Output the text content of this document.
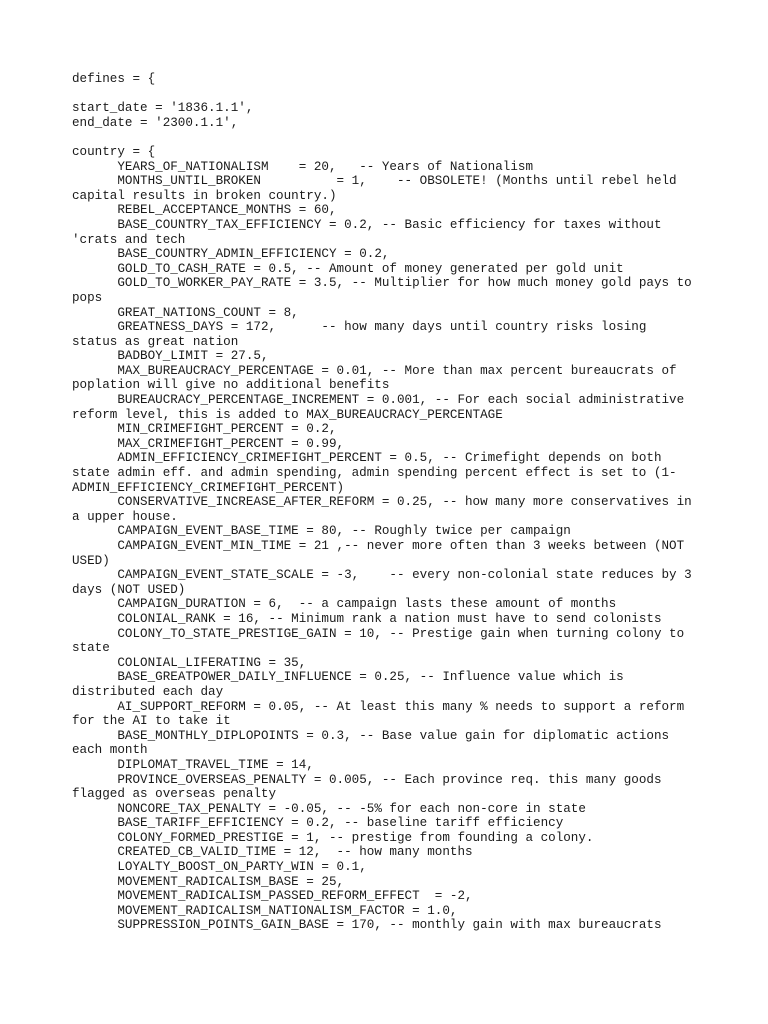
defines = {
start_date = '1836.1.1',
end_date = '2300.1.1',
country = {
	YEARS_OF_NATIONALISM    = 20,   -- Years of Nationalism
	MONTHS_UNTIL_BROKEN          = 1,    -- OBSOLETE! (Months until rebel held capital results in broken country.)
	REBEL_ACCEPTANCE_MONTHS = 60,
	BASE_COUNTRY_TAX_EFFICIENCY = 0.2, -- Basic efficiency for taxes without 'crats and tech
	BASE_COUNTRY_ADMIN_EFFICIENCY = 0.2,
	GOLD_TO_CASH_RATE = 0.5, -- Amount of money generated per gold unit
	GOLD_TO_WORKER_PAY_RATE = 3.5, -- Multiplier for how much money gold pays to pops
	GREAT_NATIONS_COUNT = 8,
	GREATNESS_DAYS = 172,      -- how many days until country risks losing status as great nation
	BADBOY_LIMIT = 27.5,
	MAX_BUREAUCRACY_PERCENTAGE = 0.01, -- More than max percent bureaucrats of poplation will give no additional benefits
	BUREAUCRACY_PERCENTAGE_INCREMENT = 0.001, -- For each social administrative reform level, this is added to MAX_BUREAUCRACY_PERCENTAGE
	MIN_CRIMEFIGHT_PERCENT = 0.2,
	MAX_CRIMEFIGHT_PERCENT = 0.99,
	ADMIN_EFFICIENCY_CRIMEFIGHT_PERCENT = 0.5, -- Crimefight depends on both state admin eff. and admin spending, admin spending percent effect is set to (1-ADMIN_EFFICIENCY_CRIMEFIGHT_PERCENT)
	CONSERVATIVE_INCREASE_AFTER_REFORM = 0.25, -- how many more conservatives in a upper house.
	CAMPAIGN_EVENT_BASE_TIME = 80, -- Roughly twice per campaign
	CAMPAIGN_EVENT_MIN_TIME = 21 ,-- never more often than 3 weeks between (NOT USED)
	CAMPAIGN_EVENT_STATE_SCALE = -3,    -- every non-colonial state reduces by 3 days (NOT USED)
	CAMPAIGN_DURATION = 6,  -- a campaign lasts these amount of months
	COLONIAL_RANK = 16, -- Minimum rank a nation must have to send colonists
	COLONY_TO_STATE_PRESTIGE_GAIN = 10, -- Prestige gain when turning colony to state
	COLONIAL_LIFERATING = 35,
	BASE_GREATPOWER_DAILY_INFLUENCE = 0.25, -- Influence value which is distributed each day
	AI_SUPPORT_REFORM = 0.05, -- At least this many % needs to support a reform for the AI to take it
	BASE_MONTHLY_DIPLOPOINTS = 0.3, -- Base value gain for diplomatic actions each month
	DIPLOMAT_TRAVEL_TIME = 14,
	PROVINCE_OVERSEAS_PENALTY = 0.005, -- Each province req. this many goods flagged as overseas penalty
	NONCORE_TAX_PENALTY = -0.05, -- -5% for each non-core in state
	BASE_TARIFF_EFFICIENCY = 0.2, -- baseline tariff efficiency
	COLONY_FORMED_PRESTIGE = 1, -- prestige from founding a colony.
	CREATED_CB_VALID_TIME = 12,  -- how many months
	LOYALTY_BOOST_ON_PARTY_WIN = 0.1,
	MOVEMENT_RADICALISM_BASE = 25,
	MOVEMENT_RADICALISM_PASSED_REFORM_EFFECT  = -2,
	MOVEMENT_RADICALISM_NATIONALISM_FACTOR = 1.0,
	SUPPRESSION_POINTS_GAIN_BASE = 170, -- monthly gain with max bureaucrats
